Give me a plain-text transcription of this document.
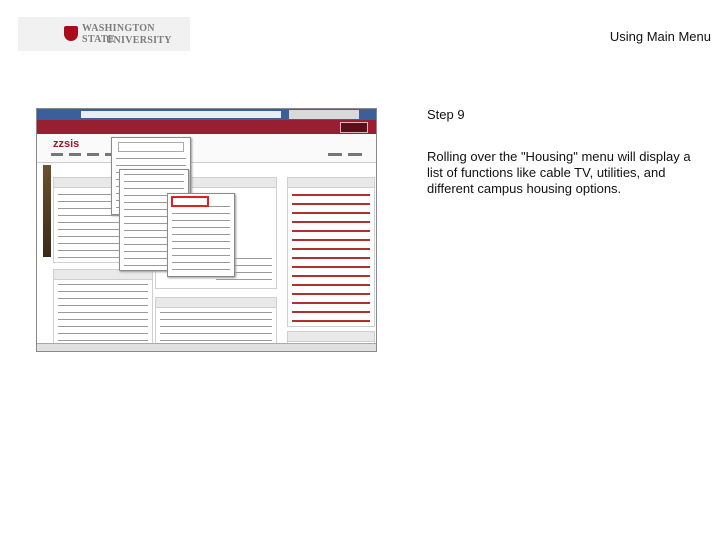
WASHINGTON STATE
UNIVERSITY	Using Main Menu
zzsis
Step 9
Rolling over the "Housing" menu will display a list of functions like cable TV, utilities, and different campus housing options.
